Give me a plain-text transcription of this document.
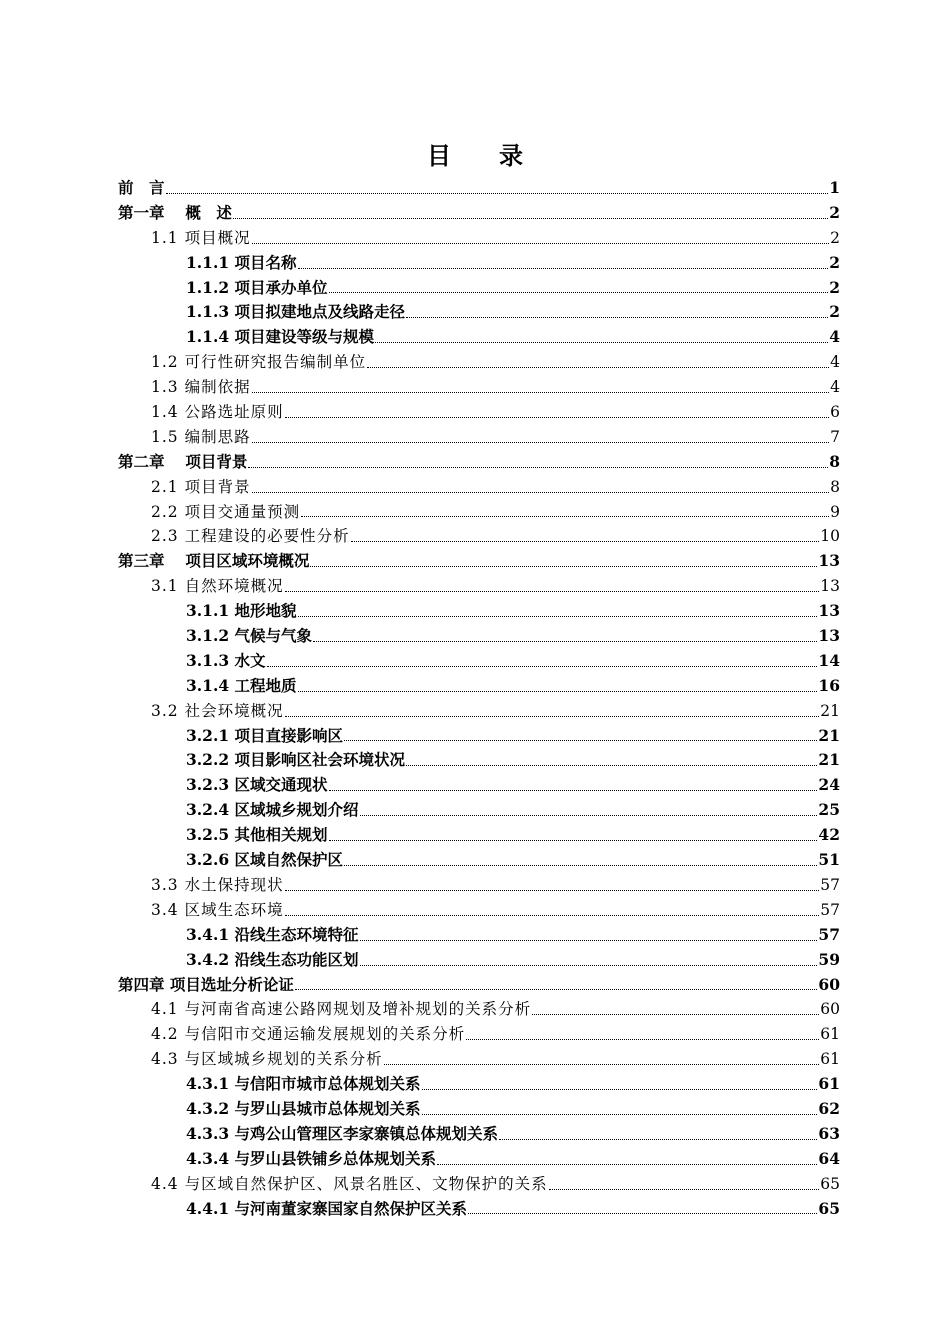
目　　录
前　言	1
第一章　 概　述	2
1.1 项目概况	2
1.1.1 项目名称	2
1.1.2 项目承办单位	2
1.1.3 项目拟建地点及线路走径	2
1.1.4 项目建设等级与规模	4
1.2 可行性研究报告编制单位	4
1.3 编制依据	4
1.4 公路选址原则	6
1.5 编制思路	7
第二章　 项目背景	8
2.1 项目背景	8
2.2 项目交通量预测	9
2.3 工程建设的必要性分析	10
第三章　 项目区域环境概况	13
3.1 自然环境概况	13
3.1.1 地形地貌	13
3.1.2 气候与气象	13
3.1.3 水文	14
3.1.4 工程地质	16
3.2 社会环境概况	21
3.2.1 项目直接影响区	21
3.2.2 项目影响区社会环境状况	21
3.2.3 区域交通现状	24
3.2.4 区域城乡规划介绍	25
3.2.5 其他相关规划	42
3.2.6 区域自然保护区	51
3.3 水土保持现状	57
3.4 区域生态环境	57
3.4.1 沿线生态环境特征	57
3.4.2 沿线生态功能区划	59
第四章 项目选址分析论证	60
4.1 与河南省高速公路网规划及增补规划的关系分析	60
4.2 与信阳市交通运输发展规划的关系分析	61
4.3 与区域城乡规划的关系分析	61
4.3.1 与信阳市城市总体规划关系	61
4.3.2 与罗山县城市总体规划关系	62
4.3.3 与鸡公山管理区李家寨镇总体规划关系	63
4.3.4 与罗山县铁铺乡总体规划关系	64
4.4 与区域自然保护区、风景名胜区、文物保护的关系	65
4.4.1 与河南董家寨国家自然保护区关系	65
